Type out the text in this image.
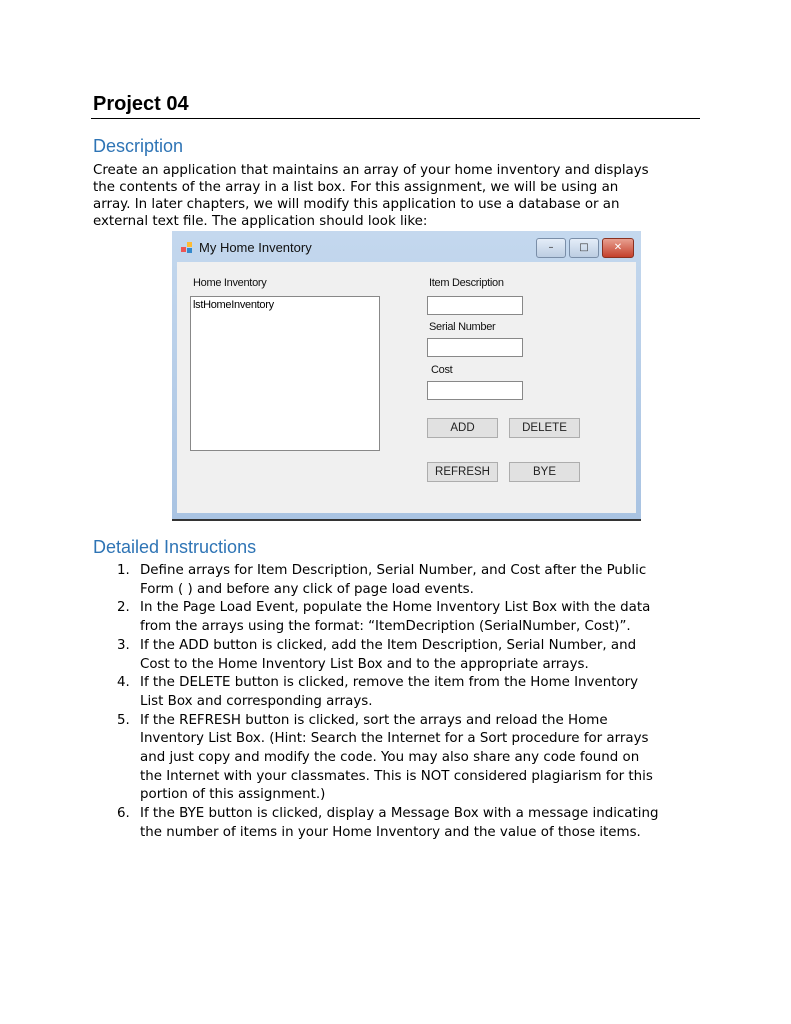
Project 04
Description
Create an application that maintains an array of your home inventory and displays
the contents of the array in a list box. For this assignment, we will be using an
array. In later chapters, we will modify this application to use a database or an
external text file. The application should look like:
My Home Inventory	–	□	✕
Home Inventory
lstHomeInventory
Item Description
Serial Number
Cost
ADD	DELETE
REFRESH	BYE
Detailed Instructions
1. Define arrays for Item Description, Serial Number, and Cost after the Public
Form ( ) and before any click of page load events.
2. In the Page Load Event, populate the Home Inventory List Box with the data
from the arrays using the format: “ItemDecription (SerialNumber, Cost)”.
3. If the ADD button is clicked, add the Item Description, Serial Number, and
Cost to the Home Inventory List Box and to the appropriate arrays.
4. If the DELETE button is clicked, remove the item from the Home Inventory
List Box and corresponding arrays.
5. If the REFRESH button is clicked, sort the arrays and reload the Home
Inventory List Box. (Hint: Search the Internet for a Sort procedure for arrays
and just copy and modify the code. You may also share any code found on
the Internet with your classmates. This is NOT considered plagiarism for this
portion of this assignment.)
6. If the BYE button is clicked, display a Message Box with a message indicating
the number of items in your Home Inventory and the value of those items.
